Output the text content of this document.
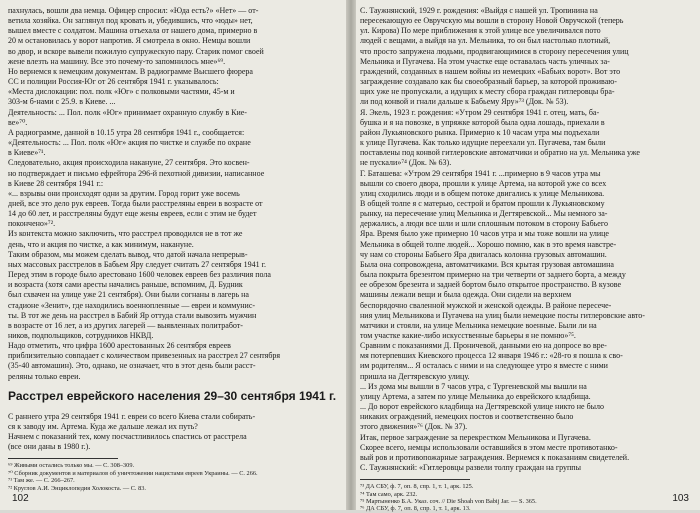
пахнулась, вошли два немца. Офицер спросил: «Юда есть?» «Нет» — от-
ветила хозяйка. Он заглянул под кровать и, убедившись, что «юды» нет,
вышел вместе с солдатом. Машина отъехала от нашего дома, примерно в
20 м остановилась у ворот напротив. Я смотрела в окно. Немцы вошли
во двор, и вскоре вывели пожилую супружескую пару. Старик помог своей
жене влезть на машину. Все это почему-то запомнилось мне»⁶⁹.
Но вернемся к немецким документам. В радиограмме Высшего фюрера
СС и полиции Россия-Юг от 26 сентября 1941 г. указывалось:
«Места дислокации: пол. полк «Юг» с полковыми частями, 45-м и
303-м б-нами с 25.9. в Киеве. ...
Деятельность: ... Пол. полк «Юг» принимает охранную службу в Кие-
ве»⁷⁰.
А радиограмме, данной в 10.15 утра 28 сентября 1941 г., сообщается:
«Деятельность: ... Пол. полк «Юг» акция по чистке и службе по охране
в Киеве»⁷¹.
Следовательно, акция происходила накануне, 27 сентября. Это косвен-
но подтверждает и письмо ефрейтора 296-й пехотной дивизии, написанное
в Киеве 28 сентября 1941 г.:
«... взрывы они происходят одни за другим. Город горит уже восемь
дней, все это дело рук евреев. Тогда были расстреляны евреи в возрасте от
14 до 60 лет, и расстреляны будут еще жены евреев, если с этим не будет
покончено»⁷².
Из контекста можно заключить, что расстрел проводился не в тот же
день, что и акция по чистке, а как минимум, накануне.
Таким образом, мы можем сделать вывод, что датой начала непрерыв-
ных массовых расстрелов в Бабьем Яру следует считать 27 сентября 1941 г.
Перед этим в городе было арестовано 1600 человек евреев без различия пола
и возраста (хотя сами аресты начались раньше, вспомним, Д. Будник
был схвачен на улице уже 21 сентября). Они были согнаны в лагерь на
стадионе «Зенит», где находились военнопленные — евреи и коммунис-
ты. В тот же день на расстрел в Бабий Яр оттуда стали вывозить мужчин
в возрасте от 16 лет, а из других лагерей — выявленных политработ-
ников, подпольщиков, сотрудников НКВД.
Надо отметить, что цифра 1600 арестованных 26 сентября евреев
приблизительно совпадает с количеством привезенных на расстрел 27 сентября
(35-40 автомашин). Это, однако, не означает, что в этот день были расст-
реляны только евреи.
Расстрел еврейского населения 29–30 сентября 1941 г.
С раннего утра 29 сентября 1941 г. евреи со всего Киева стали собирать-
ся к заводу им. Артема. Куда же дальше лежал их путь?
Начнем с показаний тех, кому посчастливилось спастись от расстрела
(все они даны в 1980 г.).
⁶⁹ Живыми остались только мы. — С. 308–309.
⁷⁰ Сборник документов и материалов об уничтожении нацистами евреев Украины. — С. 266.
⁷¹ Там же. — С. 266–267.
⁷² Круглов А.И. Энциклопедия Холокоста. — С. 83.
102
С. Таужнянский, 1929 г. рождения: «Выйдя с нашей ул. Тропинина на
пересекающую ее Овручскую мы вошли в сторону Новой Овручской (теперь
ул. Кирова) По мере приближения к этой улице все увеличивался пото
людей с вещами, а выйдя на ул. Мельника, то он был настолько плотный,
что просто запружена людьми, продвигающимися в сторону пересечения улиц
Мельника и Пугачева. На этом участке еще оставалась часть уличных за-
граждений, созданных в нашем войны из немецких «Бабьих ворот». Вот это
заграждение создавало как бы своеобразный барьер, за которой проживаю-
щих уже не пропускали, а идущих к месту сбора граждан гитлеровцы бра-
ли под конвой и гнали дальше к Бабьему Яру»⁷³ (Док. № 53).
Я. Экель, 1923 г. рождения: «Утром 29 сентября 1941 г. отец, мать, ба-
бушка и я на повозке, в упряжке которой была одна лошадь, приехали в
район Лукьяновского рынка. Примерно к 10 часам утра мы подъехали
к улице Пугачева. Как только идущие переехали ул. Пугачева, там были
поставлены под конвой гитлеровские автоматчики и обратно на ул. Мельника уже
не пускали»⁷⁴ (Док. № 63).
Г. Баташева: «Утром 29 сентября 1941 г. ...примерно в 9 часов утра мы
вышли со своего двора, прошли к улице Артема, на которой уже со всех
улиц сходились люди и в общем потоке двигались к улице Мельникова.
В общей толпе я с матерью, сестрой и братом прошли к Лукьяновскому
рынку, на пересечение улиц Мельника и Дегтяревской... Мы немного за-
держались, а люди все шли и шли сплошным потоком в сторону Бабьего
Яра. Время было уже примерно 10 часов утра и мы тоже вошли на улице
Мельника в общей толпе людей... Хорошо помню, как в это время навстре-
чу нам со стороны Бабьего Яра двигалась колонна грузовых автомашин.
Была она сопровождена, автоматчиками. Вся крытая грузовая автомашина
была покрыта брезентом примерно на три четверти от заднего борта, а между
ее обрезом брезента и задней бортом было открытое пространство. В кузове
машины лежали вещи и была одежда. Они сидели на верхнем
беспорядочно сваленной мужской и женской одежды. В районе пересече-
ния улиц Мельникова и Пугачева на улиц были немецкие посты гитлеровские авто-
матчики и стояли, на улице Мельника немецкие военные. Были ли на
том участке какие-либо искусственные барьеры я не помню»⁷⁵.
Сравним с показаниями Д. Проничевой, данными ею на допросе во вре-
мя потерпевших Киевского процесса 12 января 1946 г.: «28-го я пошла к сво-
им родителям... Я осталась с ними и на следующее утро я вместе с ними
пришла на Дегтяревскую улицу.
... Из дома мы вышли в 7 часов утра, с Тургеневской мы вышли на
улицу Артема, а затем по улице Мельника до еврейского кладбища.
... До ворот еврейского кладбища на Дегтяревской улице никто не было
никаких ограждений, немецких постов и соответственно было
этого движения»⁷⁶ (Док. № 37).
Итак, первое заграждение за перекрестком Мельникова и Пугачева.
Скорее всего, немцы использовали оставшийся в этом месте противотанко-
вый ров и противопожарные заграждения. Вернемся к показаниям свидетелей.
С. Таужнянский: «Гитлеровцы развели толпу граждан на группы
⁷³ ДА СБУ, ф. 7, оп. 8, спр. 1, т. 1, арк. 125.
⁷⁴ Там само, арк. 232.
⁷⁵ Мартыненко Б.А. Указ. соч. // Die Shoah von Babij Jar. — S. 365.
⁷⁶ ДА СБУ, ф. 7, оп. 8, спр. 1, т. 1, арк. 13.
103
